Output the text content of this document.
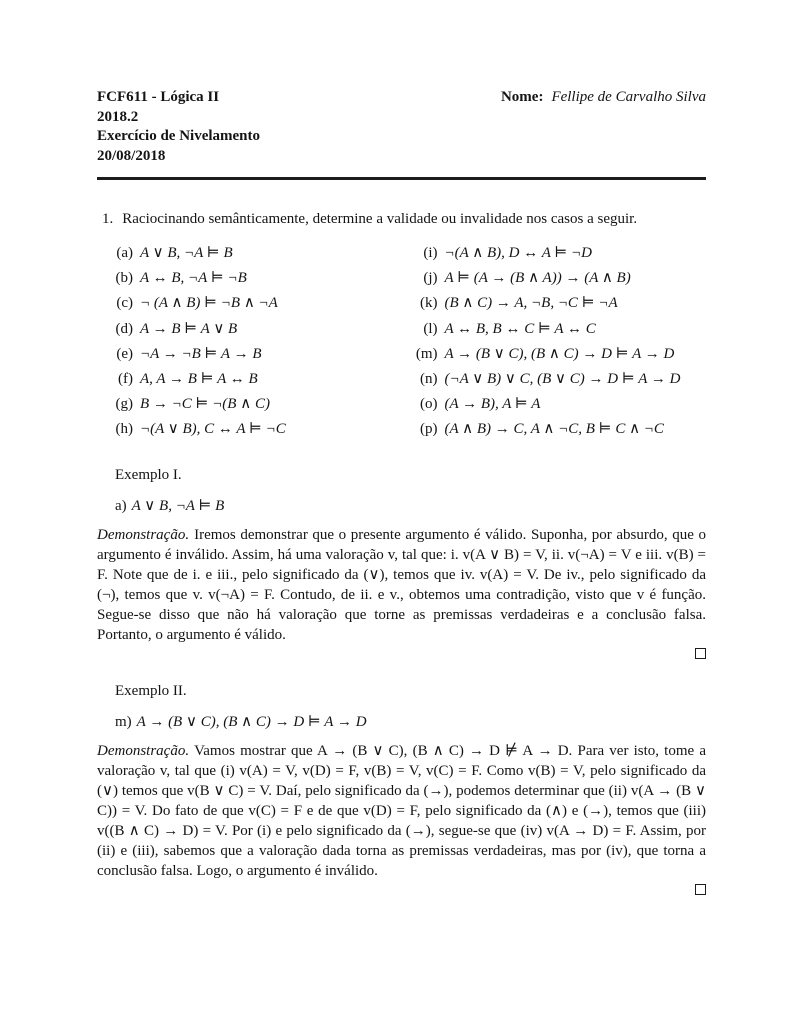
FCF611 - Lógica II
2018.2
Exercício de Nivelamento
20/08/2018
Nome: Fellipe de Carvalho Silva
1. Raciocinando semânticamente, determine a validade ou invalidade nos casos a seguir.
(a) A ∨ B, ¬A ⊨ B
(b) A ↔ B, ¬A ⊨ ¬B
(c) ¬ (A ∧ B) ⊨ ¬B ∧ ¬A
(d) A → B ⊨ A ∨ B
(e) ¬A → ¬B ⊨ A → B
(f) A, A → B ⊨ A ↔ B
(g) B → ¬C ⊨ ¬(B ∧ C)
(h) ¬(A ∨ B), C ↔ A ⊨ ¬C
(i) ¬(A ∧ B), D ↔ A ⊨ ¬D
(j) A ⊨ (A → (B ∧ A)) → (A ∧ B)
(k) (B ∧ C) → A, ¬B, ¬C ⊨ ¬A
(l) A ↔ B, B ↔ C ⊨ A ↔ C
(m) A → (B ∨ C), (B ∧ C) → D ⊨ A → D
(n) (¬A ∨ B) ∨ C, (B ∨ C) → D ⊨ A → D
(o) (A → B), A ⊨ A
(p) (A ∧ B) → C, A ∧ ¬C, B ⊨ C ∧ ¬C
Exemplo I.
a) A ∨ B, ¬A ⊨ B

Demonstração. Iremos demonstrar que o presente argumento é válido. Suponha, por absurdo, que o argumento é inválido. Assim, há uma valoração v, tal que: i. v(A ∨ B) = V, ii. v(¬A) = V e iii. v(B) = F. Note que de i. e iii., pelo significado da (∨), temos que iv. v(A) = V. De iv., pelo significado da (¬), temos que v. v(¬A) = F. Contudo, de ii. e v., obtemos uma contradição, visto que v é função. Segue-se disso que não há valoração que torne as premissas verdadeiras e a conclusão falsa. Portanto, o argumento é válido.

Exemplo II.
m) A → (B ∨ C), (B ∧ C) → D ⊨ A → D

Demonstração. Vamos mostrar que A → (B ∨ C), (B ∧ C) → D ⊭ A → D. Para ver isto, tome a valoração v, tal que (i) v(A) = V, v(D) = F, v(B) = V, v(C) = F. Como v(B) = V, pelo significado da (∨) temos que v(B ∨ C) = V. Daí, pelo significado da (→), podemos determinar que (ii) v(A → (B ∨ C)) = V. Do fato de que v(C) = F e de que v(D) = F, pelo significado da (∧) e (→), temos que (iii) v((B ∧ C) → D) = V. Por (i) e pelo significado da (→), segue-se que (iv) v(A → D) = F. Assim, por (ii) e (iii), sabemos que a valoração dada torna as premissas verdadeiras, mas por (iv), que torna a conclusão falsa. Logo, o argumento é inválido.
